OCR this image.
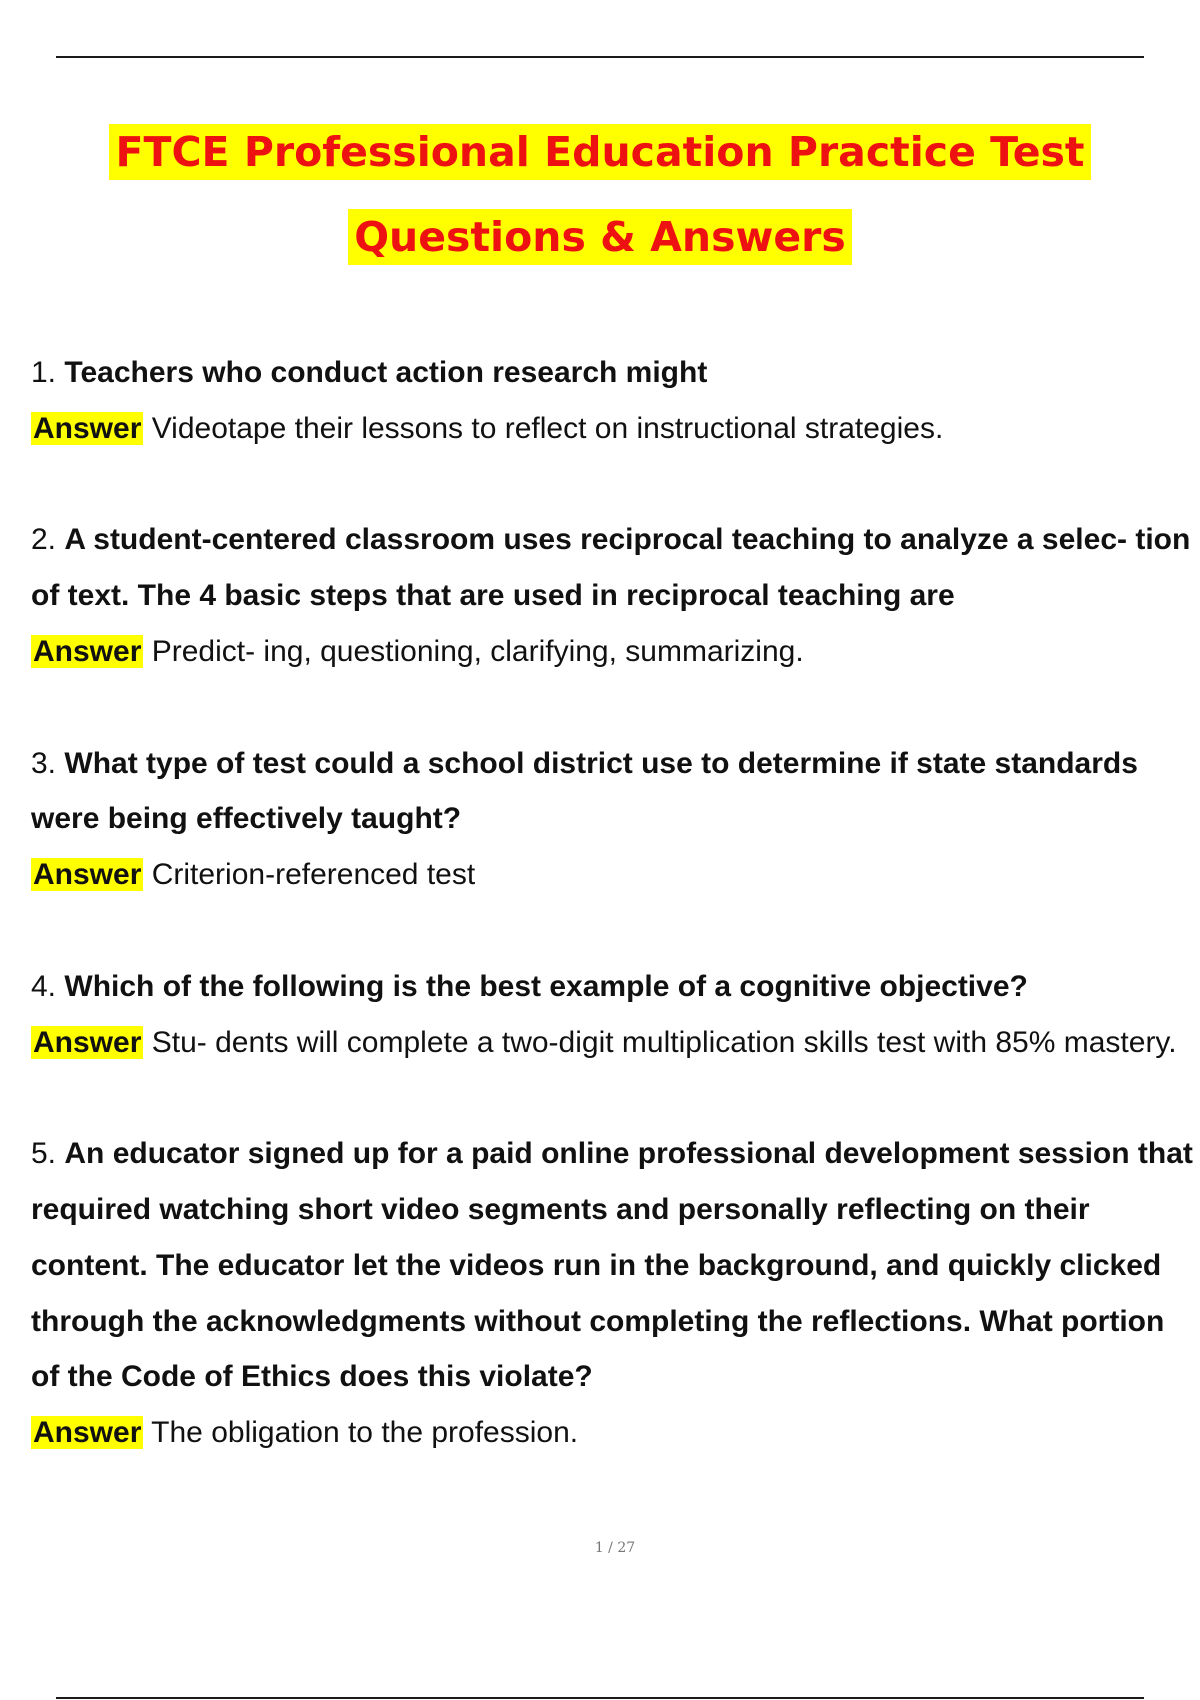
FTCE Professional Education Practice Test
Questions & Answers
1. Teachers who conduct action research might
Answer Videotape their lessons to reflect on instructional strategies.
2. A student-centered classroom uses reciprocal teaching to analyze a selec- tion of text. The 4 basic steps that are used in reciprocal teaching are
Answer Predict- ing, questioning, clarifying, summarizing.
3. What type of test could a school district use to determine if state standards were being effectively taught?
Answer Criterion-referenced test
4. Which of the following is the best example of a cognitive objective?
Answer Stu- dents will complete a two-digit multiplication skills test with 85% mastery.
5. An educator signed up for a paid online professional development session that required watching short video segments and personally reflecting on their content. The educator let the videos run in the background, and quickly clicked through the acknowledgments without completing the reflections. What portion of the Code of Ethics does this violate?
Answer The obligation to the profession.
1 / 27
